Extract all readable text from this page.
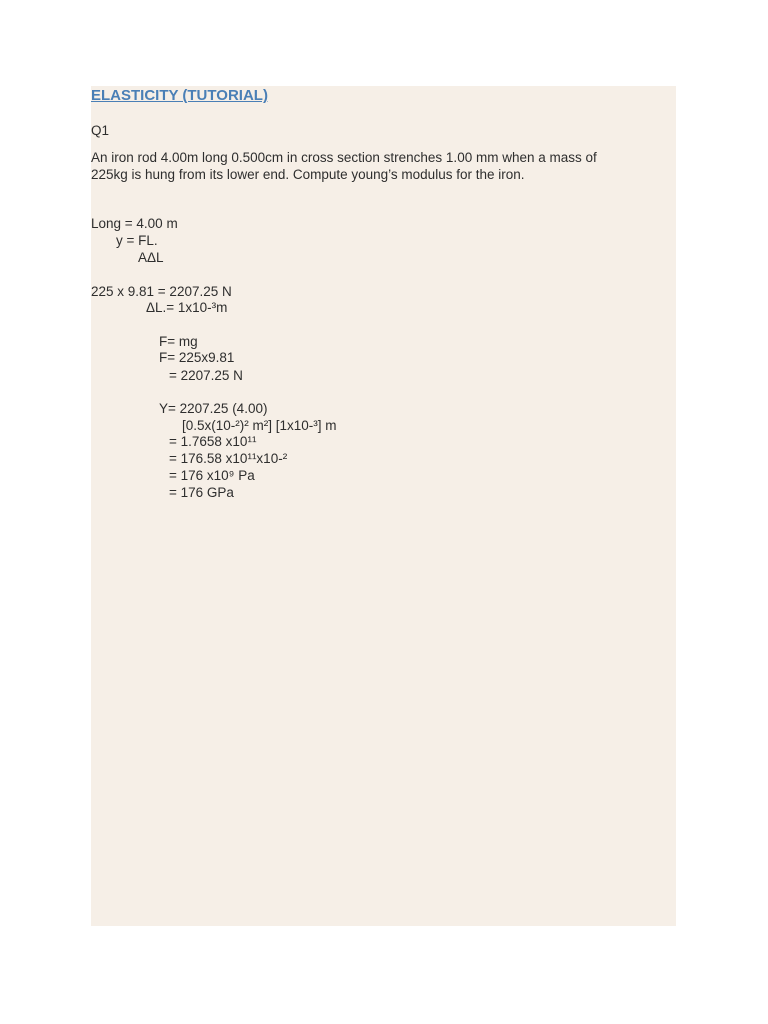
ELASTICITY (TUTORIAL)
Q1
An iron rod 4.00m long 0.500cm in cross section strenches 1.00 mm when a mass of
225kg is hung from its lower end. Compute young’s modulus for the iron.
Long = 4.00 m
y = FL.
AΔL
225 x 9.81 = 2207.25 N
ΔL.= 1x10-³m
F= mg
F= 225x9.81
= 2207.25 N
Y= 2207.25 (4.00)
[0.5x(10-²)² m²] [1x10-³] m
= 1.7658 x10¹¹
= 176.58 x10¹¹x10-²
= 176 x10⁹ Pa
= 176 GPa
